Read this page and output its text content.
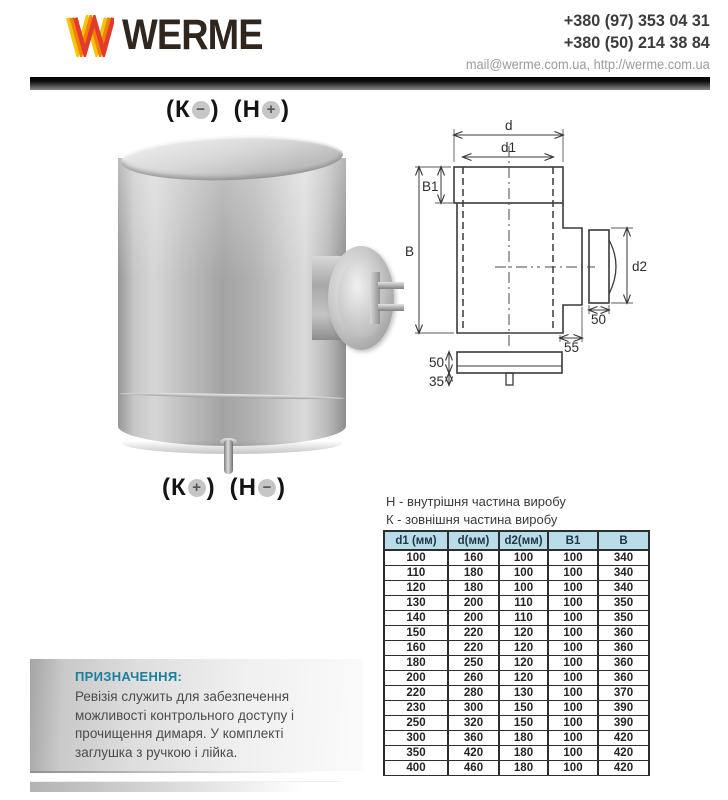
WERME	+380 (97) 353 04 31
+380 (50) 214 38 84
mail@werme.com.ua, http://werme.com.ua
(К − ) (Н + )
(К + ) (Н − )
d
d1
B1
B
d2
50
55
50
35
Н - внутрішня частина виробу
К - зовнішня частина виробу
d1 (мм)	d(мм)	d2(мм)	B1	B
100	160	100	100	340
110	180	100	100	340
120	180	100	100	340
130	200	110	100	350
140	200	110	100	350
150	220	120	100	360
160	220	120	100	360
180	250	120	100	360
200	260	120	100	360
220	280	130	100	370
230	300	150	100	390
250	320	150	100	390
300	360	180	100	420
350	420	180	100	420
400	460	180	100	420
ПРИЗНАЧЕННЯ:
Ревізія служить для забезпечення можливості контрольного доступу і прочищення димаря. У комплекті заглушка з ручкою і лійка.
